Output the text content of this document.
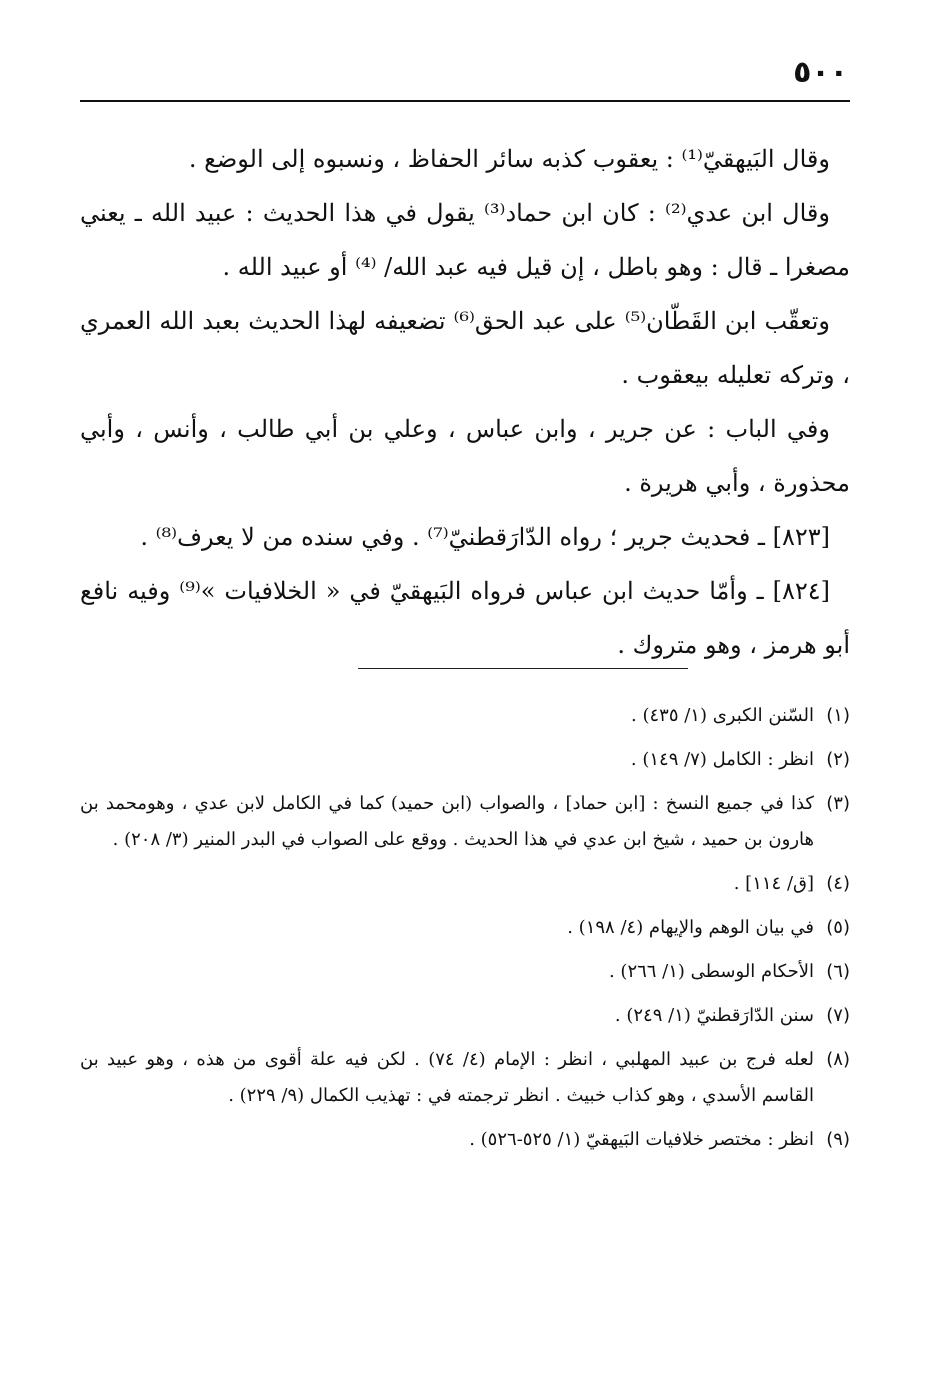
٥٠٠

وقال البَيهقيّ⁽¹⁾ : يعقوب كذبه سائر الحفاظ ، ونسبوه إلى الوضع .

وقال ابن عدي⁽²⁾ : كان ابن حماد⁽³⁾ يقول في هذا الحديث : عبيد الله ـ يعني مصغرا ـ قال : وهو باطل ، إن قيل فيه عبد الله/ ⁽⁴⁾ أو عبيد الله .

وتعقّب ابن القَطّان⁽⁵⁾ على عبد الحق⁽⁶⁾ تضعيفه لهذا الحديث بعبد الله العمري ، وتركه تعليله بيعقوب .

وفي الباب : عن جرير ، وابن عباس ، وعلي بن أبي طالب ، وأنس ، وأبي محذورة ، وأبي هريرة .

[٨٢٣] ـ فحديث جرير ؛ رواه الدّارَقطنيّ⁽⁷⁾ . وفي سنده من لا يعرف⁽⁸⁾ .

[٨٢٤] ـ وأمّا حديث ابن عباس فرواه البَيهقيّ في « الخلافيات »⁽⁹⁾ وفيه نافع أبو هرمز ، وهو متروك .

(١)
السّنن الكبرى (١/ ٤٣٥) .
(٢)
انظر : الكامل (٧/ ١٤٩) .
(٣)
كذا في جميع النسخ : [ابن حماد] ، والصواب (ابن حميد) كما في الكامل لابن عدي ، وهومحمد بن هارون بن حميد ، شيخ ابن عدي في هذا الحديث . ووقع على الصواب في البدر المنير (٣/ ٢٠٨) .
(٤)
[ق/ ١١٤] .
(٥)
في بيان الوهم والإيهام (٤/ ١٩٨) .
(٦)
الأحكام الوسطى (١/ ٢٦٦) .
(٧)
سنن الدّارَقطنيّ (١/ ٢٤٩) .
(٨)
لعله فرج بن عبيد المهلبي ، انظر : الإمام (٤/ ٧٤) . لكن فيه علة أقوى من هذه ، وهو عبيد بن القاسم الأسدي ، وهو كذاب خبيث . انظر ترجمته في : تهذيب الكمال (٩/ ٢٢٩) .
(٩)
انظر : مختصر خلافيات البَيهقيّ (١/ ٥٢٥-٥٢٦) .
